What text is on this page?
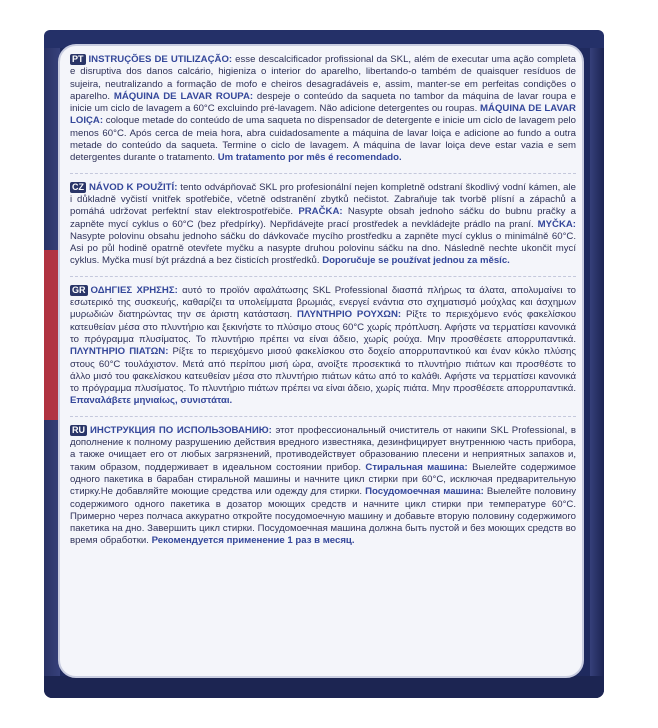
PT INSTRUÇÕES DE UTILIZAÇÃO: esse descalcificador profissional da SKL, além de executar uma ação completa e disruptiva dos danos calcário, higieniza o interior do aparelho, libertando-o também de quaisquer resíduos de sujeira, neutralizando a formação de mofo e cheiros desagradáveis e, assim, manter-se em perfeitas condições o aparelho. MÁQUINA DE LAVAR ROUPA: despeje o conteúdo da saqueta no tambor da máquina de lavar roupa e inicie um ciclo de lavagem a 60°C excluindo pré-lavagem. Não adicione detergentes ou roupas. MÁQUINA DE LAVAR LOIÇA: coloque metade do conteúdo de uma saqueta no dispensador de detergente e inicie um ciclo de lavagem pelo menos 60°C. Após cerca de meia hora, abra cuidadosamente a máquina de lavar loiça e adicione ao fundo a outra metade do conteúdo da saqueta. Termine o ciclo de lavagem. A máquina de lavar loiça deve estar vazia e sem detergentes durante o tratamento. Um tratamento por mês é recomendado.
CZ NÁVOD K POUŽITÍ: tento odvápňovač SKL pro profesionální nejen kompletně odstraní škodlivý vodní kámen, ale i důkladně vyčistí vnitřek spotřebiče, včetně odstranění zbytků nečistot. Zabraňuje tak tvorbě plísní a zápachů a pomáhá udržovat perfektní stav elektrospotřebiče. PRAČKA: Nasypte obsah jednoho sáčku do bubnu pračky a zapněte mycí cyklus o 60°C (bez předpírky). Nepřidávejte prací prostředek a nevkládejte prádlo na praní. MYČKA: Nasypte polovinu obsahu jednoho sáčku do dávkovače mycího prostředku a zapněte mycí cyklus o minimálně 60°C. Asi po půl hodině opatrně otevřete myčku a nasypte druhou polovinu sáčku na dno. Následně nechte ukončit mycí cyklus. Myčka musí být prázdná a bez čisticích prostředků. Doporučuje se používat jednou za měsíc.
GR ΟΔΗΓΙΕΣ ΧΡΗΣΗΣ: αυτό το προϊόν αφαλάτωσης SKL Professional διασπά πλήρως τα άλατα, απολυμαίνει το εσωτερικό της συσκευής, καθαρίζει τα υπολείμματα βρωμιάς, ενεργεί ενάντια στο σχηματισμό μούχλας και άσχημων μυρωδιών διατηρώντας την σε άριστη κατάσταση. ΠΛΥΝΤΗΡΙΟ ΡΟΥΧΩΝ: Ρίξτε το περιεχόμενο ενός φακελίσκου κατευθείαν μέσα στο πλυντήριο και ξεκινήστε το πλύσιμο στους 60°C χωρίς πρόπλυση. Αφήστε να τερματίσει κανονικά το πρόγραμμα πλυσίματος. Το πλυντήριο πρέπει να είναι άδειο, χωρίς ρούχα. Μην προσθέσετε απορρυπαντικά. ΠΛΥΝΤΗΡΙΟ ΠΙΑΤΩΝ: Ρίξτε το περιεχόμενο μισού φακελίσκου στο δοχείο απορρυπαντικού και έναν κύκλο πλύσης στους 60°C τουλάχιστον. Μετά από περίπου μισή ώρα, ανοίξτε προσεκτικά το πλυντήριο πιάτων και προσθέστε το άλλο μισό του φακελίσκου κατευθείαν μέσα στο πλυντήριο πιάτων κάτω από το καλάθι. Αφήστε να τερματίσει κανονικά το πρόγραμμα πλυσίματος. Το πλυντήριο πιάτων πρέπει να είναι άδειο, χωρίς πιάτα. Μην προσθέσετε απορρυπαντικά. Επαναλάβετε μηνιαίως, συνιστάται.
RU ИНСТРУКЦИЯ ПО ИСПОЛЬЗОВАНИЮ: этот профессиональный очиститель от накипи SKL Professional, в дополнение к полному разрушению действия вредного известняка, дезинфицирует внутреннюю часть прибора, а также очищает его от любых загрязнений, противодействует образованию плесени и неприятных запахов и, таким образом, поддерживает в идеальном состоянии прибор. Стиральная машина: Выелейте содержимое одного пакетика в барабан стиральной машины и начните цикл стирки при 60°C, исключая предварительную стирку.Не добавляйте моющие средства или одежду для стирки. Посудомоечная машина: Выелейте половину содержимого одного пакетика в дозатор моющих средств и начните цикл стирки при температуре 60°C. Примерно через полчаса аккуратно откройте посудомоечную машину и добавьте вторую половину содержимого пакетика на дно. Завершить цикл стирки. Посудомоечная машина должна быть пустой и без моющих средств во время обработки. Рекомендуется применение 1 раз в месяц.
